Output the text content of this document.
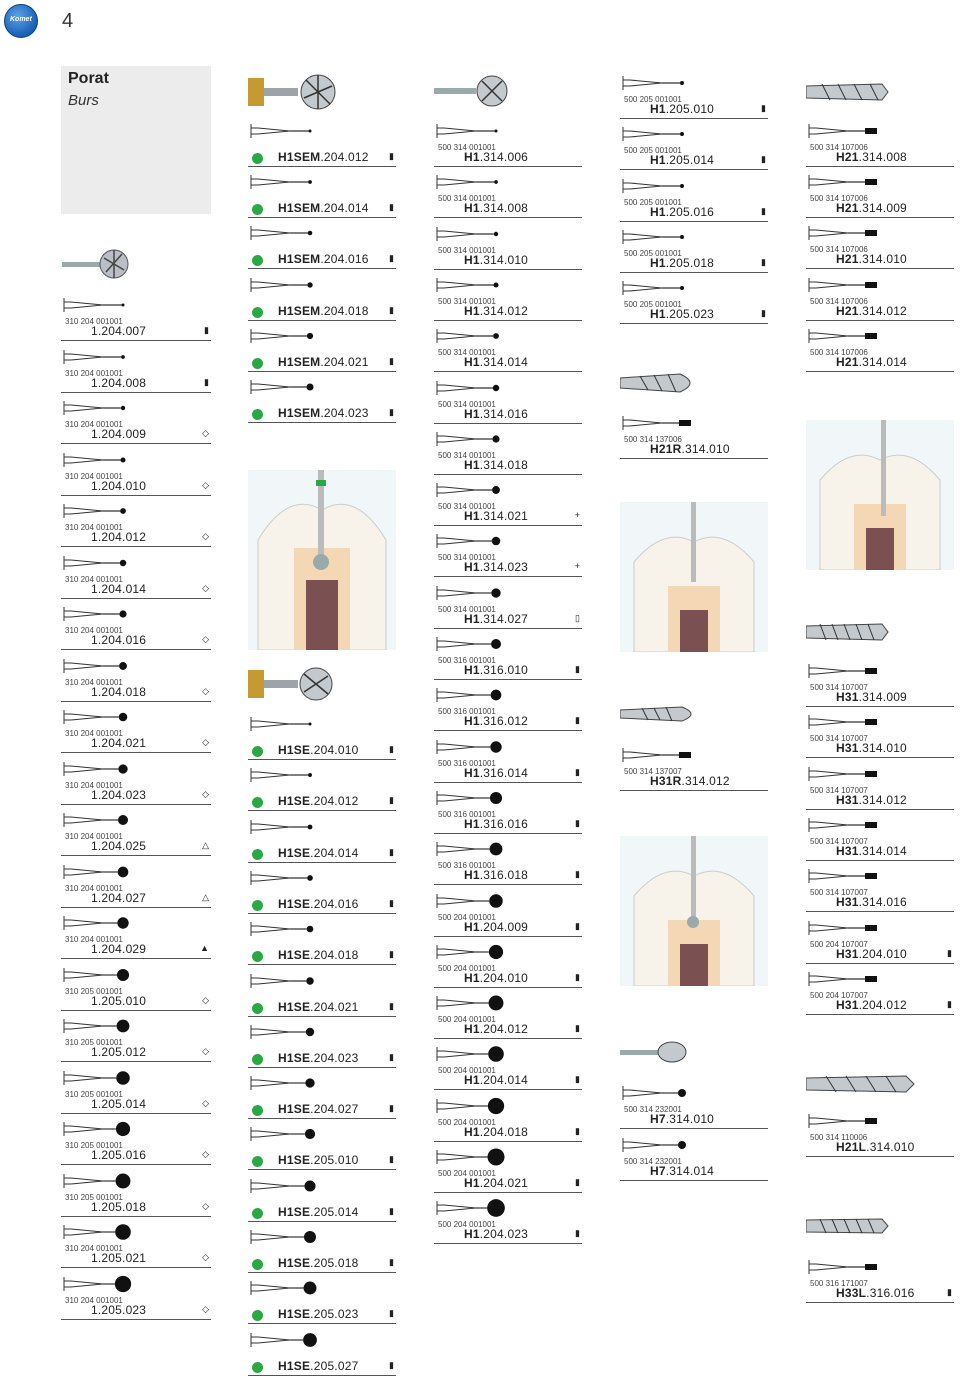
Komet 4
Porat
Burs
310 204 001001
1.204.007	▮
310 204 001001
1.204.008	▮
310 204 001001
1.204.009	◇
310 204 001001
1.204.010	◇
310 204 001001
1.204.012	◇
310 204 001001
1.204.014	◇
310 204 001001
1.204.016	◇
310 204 001001
1.204.018	◇
310 204 001001
1.204.021	◇
310 204 001001
1.204.023	◇
310 204 001001
1.204.025	△
310 204 001001
1.204.027	△
310 204 001001
1.204.029	▲
310 205 001001
1.205.010	◇
310 205 001001
1.205.012	◇
310 205 001001
1.205.014	◇
310 205 001001
1.205.016	◇
310 205 001001
1.205.018	◇
310 204 001001
1.205.021	◇
310 204 001001
1.205.023	◇
H1SEM.204.012 ▮
H1SEM.204.014 ▮
H1SEM.204.016 ▮
H1SEM.204.018 ▮
H1SEM.204.021 ▮
H1SEM.204.023 ▮
H1SE.204.010	▮
H1SE.204.012	▮
H1SE.204.014	▮
H1SE.204.016	▮
H1SE.204.018	▮
H1SE.204.021	▮
H1SE.204.023	▮
H1SE.204.027	▮
H1SE.205.010	▮
H1SE.205.014	▮
H1SE.205.018	▮
H1SE.205.023	▮
H1SE.205.027	▮
500 314 001001
H1.314.006
500 314 001001
H1.314.008
500 314 001001
H1.314.010
500 314 001001
H1.314.012
500 314 001001
H1.314.014
500 314 001001
H1.314.016
500 314 001001
H1.314.018
500 314 001001
H1.314.021	+
500 314 001001
H1.314.023	+
500 314 001001
H1.314.027	▯
500 316 001001
H1.316.010	▮
500 316 001001
H1.316.012	▮
500 316 001001
H1.316.014	▮
500 316 001001
H1.316.016	▮
500 316 001001
H1.316.018	▮
500 204 001001
H1.204.009	▮
500 204 001001
H1.204.010	▮
500 204 001001
H1.204.012	▮
500 204 001001
H1.204.014	▮
500 204 001001
H1.204.018	▮
500 204 001001
H1.204.021	▮
500 204 001001
H1.204.023	▮
500 205 001001
H1.205.010	▮
500 205 001001
H1.205.014	▮
500 205 001001
H1.205.016	▮
500 205 001001
H1.205.018	▮
500 205 001001
H1.205.023	▮
500 314 137006
H21R.314.010
500 314 137007
H31R.314.012
500 314 232001
H7.314.010
500 314 232001
H7.314.014
500 314 107006
H21.314.008
500 314 107006
H21.314.009
500 314 107006
H21.314.010
500 314 107006
H21.314.012
500 314 107006
H21.314.014
500 314 107007
H31.314.009
500 314 107007
H31.314.010
500 314 107007
H31.314.012
500 314 107007
H31.314.014
500 314 107007
H31.314.016
500 204 107007
H31.204.010	▮
500 204 107007
H31.204.012	▮
500 314 110006
H21L.314.010
500 316 171007
H33L.316.016	▮
